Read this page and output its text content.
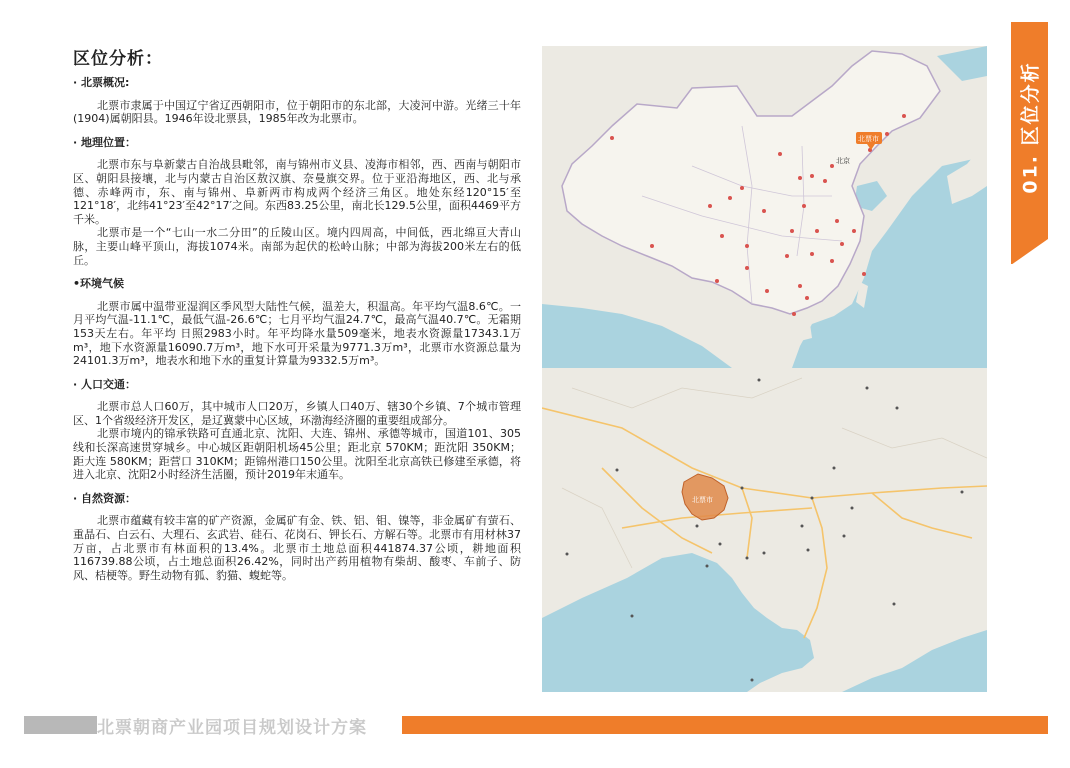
区位分析：
· 北票概况:

北票市隶属于中国辽宁省辽西朝阳市，位于朝阳市的东北部，大凌河中游。光绪三十年(1904)属朝阳县。1946年设北票县，1985年改为北票市。

· 地理位置：

北票市东与阜新蒙古自治战县毗邻，南与锦州市义县、凌海市相邻，西、西南与朝阳市区、朝阳县接壤，北与内蒙古自治区敖汉旗、奈曼旗交界。位于亚沿海地区，西、北与承德、赤峰两市，东、南与锦州、阜新两市构成两个经济三角区。地处东经120°15′至121°18′，北纬41°23′至42°17′之间。东西83.25公里，南北长129.5公里，面积4469平方千米。

北票市是一个“七山一水二分田”的丘陵山区。境内四周高，中间低，西北绵亘大青山脉，主要山峰平顶山，海拔1074米。南部为起伏的松岭山脉；中部为海拔200米左右的低丘。

•环境气候

北票市属中温带亚湿润区季风型大陆性气候，温差大，积温高。年平均气温8.6℃。一月平均气温-11.1℃，最低气温-26.6℃；七月平均气温24.7℃，最高气温40.7℃。无霜期153天左右。年平均 日照2983小时。年平均降水量509毫米，地表水资源量17343.1万m³，地下水资源量16090.7万m³，地下水可开采量为9771.3万m³，北票市水资源总量为24101.3万m³，地表水和地下水的重复计算量为9332.5万m³。

· 人口交通：

北票市总人口60万，其中城市人口20万，乡镇人口40万、辖30个乡镇、7个城市管理区、1个省级经济开发区，是辽冀蒙中心区域，环渤海经济圈的重要组成部分。

北票市境内的锦承铁路可直通北京、沈阳、大连、锦州、承德等城市，国道101、305线和长深高速贯穿城乡。中心城区距朝阳机场45公里；距北京 570KM；距沈阳 350KM；距大连 580KM；距营口 310KM；距锦州港口150公里。沈阳至北京高铁已修建至承德，将进入北京、沈阳2小时经济生活圈，预计2019年末通车。

· 自然资源：

北票市蕴藏有较丰富的矿产资源，金属矿有金、铁、铝、钼、镍等，非金属矿有萤石、重晶石、白云石、大理石、玄武岩、硅石、花岗石、钾长石、方解石等。北票市有用材林37万亩，占北票市有林面积的13.4%。北票市土地总面积441874.37公顷，耕地面积116739.88公顷，占土地总面积26.42%，同时出产药用植物有柴胡、酸枣、车前子、防风、桔梗等。野生动物有狐、豹猫、蝮蛇等。

01. 区位分析
北京
北票市
北票市
北票朝商产业园项目规划设计方案
